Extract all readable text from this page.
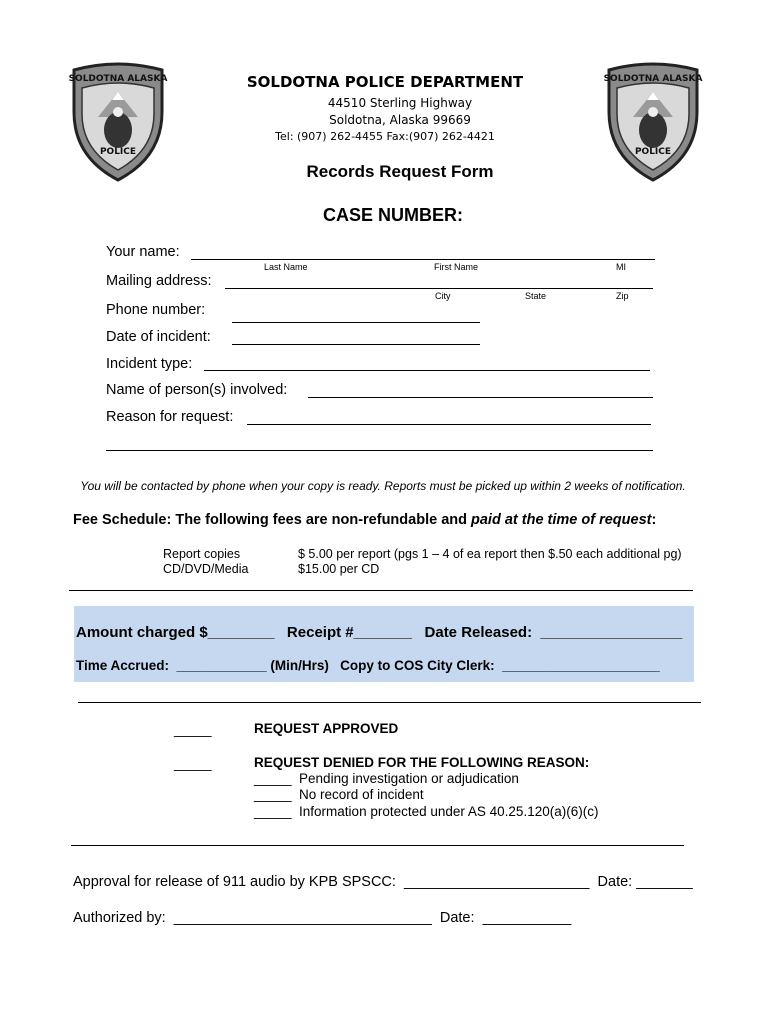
SOLDOTNA ALASKA
POLICE
SOLDOTNA ALASKA
POLICE
SOLDOTNA POLICE DEPARTMENT
44510 Sterling Highway
Soldotna, Alaska 99669
Tel: (907) 262-4455 Fax:(907) 262-4421
Records Request Form
CASE NUMBER:
Your name:
Last Name	First Name	MI
Mailing address:
City	State	Zip
Phone number:
Date of incident:
Incident type:
Name of person(s) involved:
Reason for request:
You will be contacted by phone when your copy is ready. Reports must be picked up within 2 weeks of notification.
Fee Schedule: The following fees are non-refundable and paid at the time of request:
Report copies	$ 5.00 per report (pgs 1 – 4 of ea report then $.50 each additional pg)
CD/DVD/Media	$15.00 per CD
Amount charged $________   Receipt #_______   Date Released:  _________________
Time Accrued:  ____________ (Min/Hrs)   Copy to COS City Clerk:  _____________________
_____	REQUEST APPROVED
_____	REQUEST DENIED FOR THE FOLLOWING REASON:
_____  Pending investigation or adjudication
_____  No record of incident
_____  Information protected under AS 40.25.120(a)(6)(c)
Approval for release of 911 audio by KPB SPSCC:  _______________________  Date: _______
Authorized by:  ________________________________  Date:  ___________
